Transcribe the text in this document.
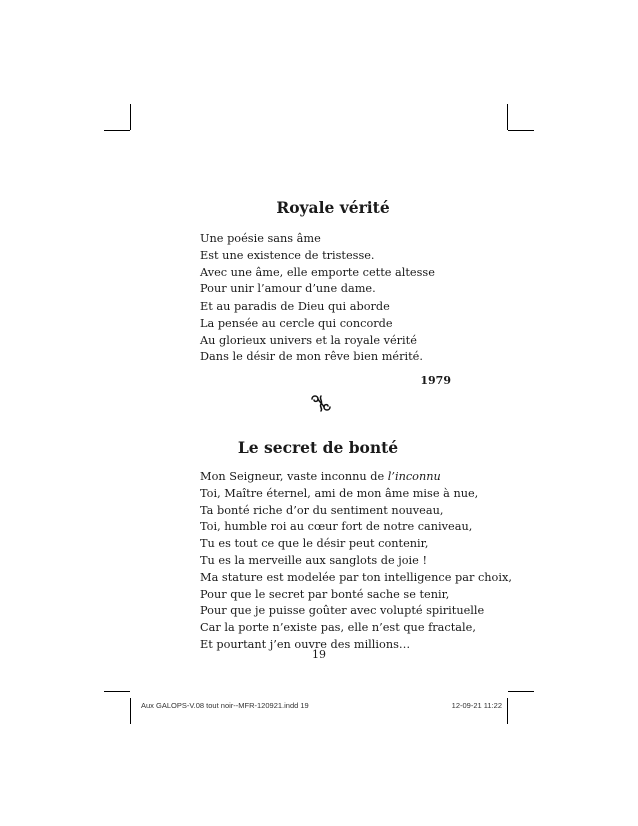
Royale vérité
Une poésie sans âme
Est une existence de tristesse.
Avec une âme, elle emporte cette altesse
Pour unir l’amour d’une dame.
Et au paradis de Dieu qui aborde
La pensée au cercle qui concorde
Au glorieux univers et la royale vérité
Dans le désir de mon rêve bien mérité.
1979
Le secret de bonté
Mon Seigneur, vaste inconnu de l’inconnu
Toi, Maître éternel, ami de mon âme mise à nue,
Ta bonté riche d’or du sentiment nouveau,
Toi, humble roi au cœur fort de notre caniveau,
Tu es tout ce que le désir peut contenir,
Tu es la merveille aux sanglots de joie !
Ma stature est modelée par ton intelligence par choix,
Pour que le secret par bonté sache se tenir,
Pour que je puisse goûter avec volupté spirituelle
Car la porte n’existe pas, elle n’est que fractale,
Et pourtant j’en ouvre des millions…
19
Aux GALOPS-V.08 tout noir--MFR-120921.indd 19	12-09-21 11:22
